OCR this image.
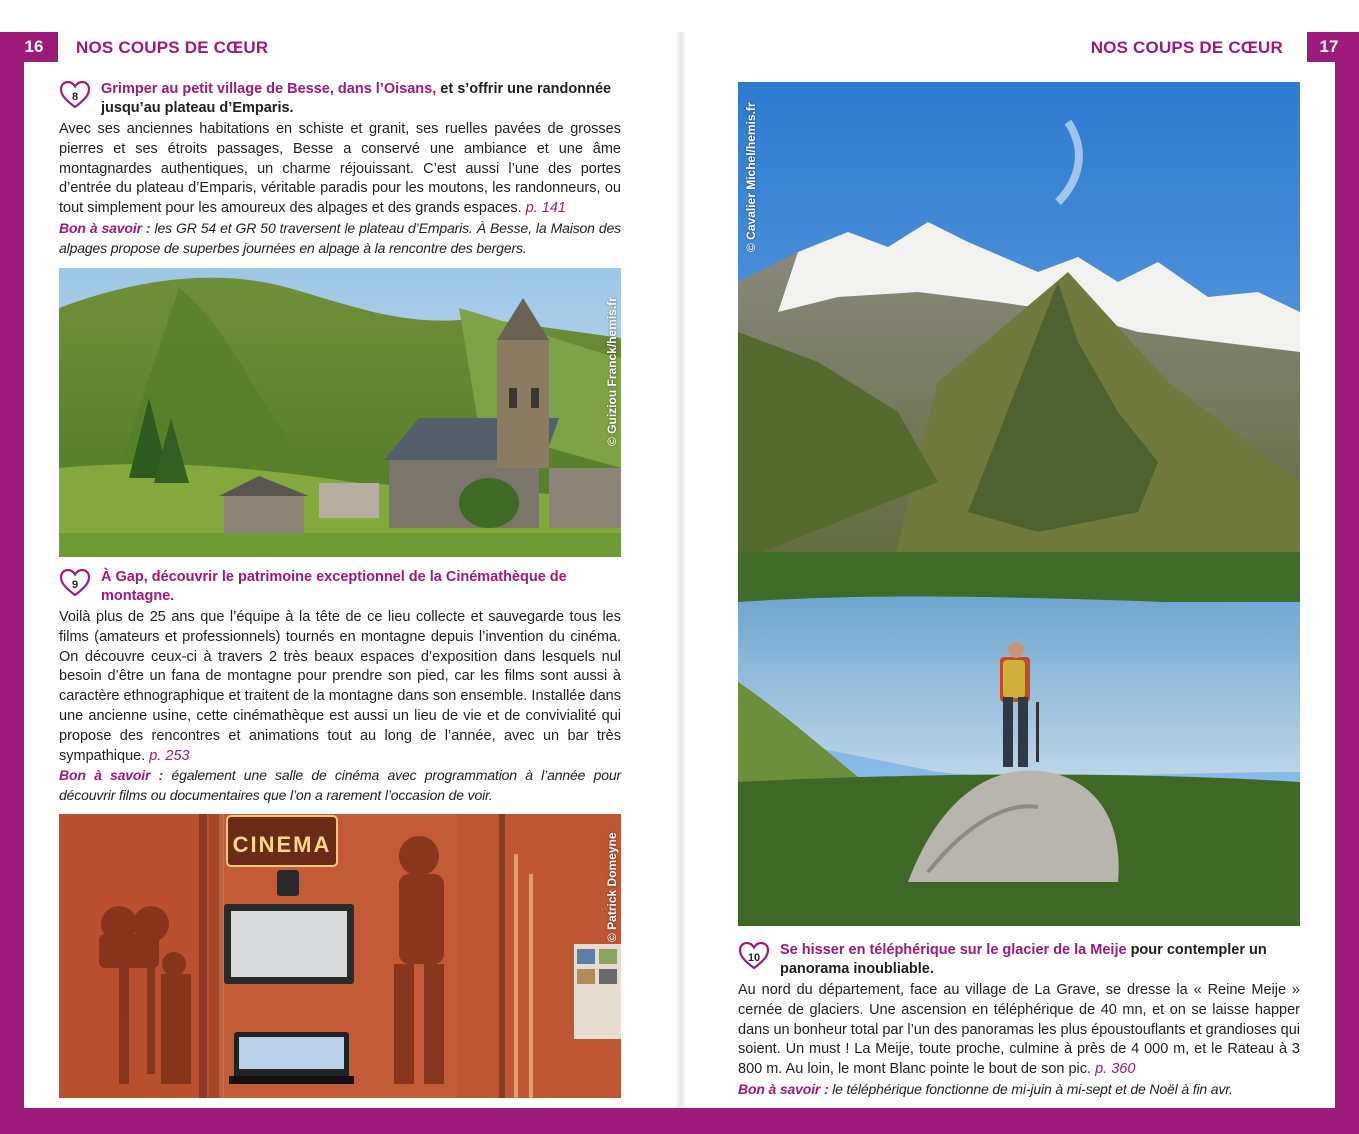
16	17
NOS COUPS DE CŒUR	NOS COUPS DE CŒUR
8	Grimper au petit village de Besse, dans l’Oisans, et s’offrir une randonnée jusqu’au plateau d’Emparis.

Avec ses anciennes habitations en schiste et granit, ses ruelles pavées de grosses pierres et ses étroits passages, Besse a conservé une ambiance et une âme montagnardes authentiques, un charme réjouissant. C’est aussi l’une des portes d’entrée du plateau d’Emparis, véritable paradis pour les moutons, les randonneurs, ou tout simplement pour les amoureux des alpages et des grands espaces. p. 141

Bon à savoir : les GR 54 et GR 50 traversent le plateau d’Emparis. À Besse, la Maison des alpages propose de superbes journées en alpage à la rencontre des bergers.

© Guiziou Franck/hemis.fr
9	À Gap, découvrir le patrimoine exceptionnel de la Cinémathèque de montagne.

Voilà plus de 25 ans que l’équipe à la tête de ce lieu collecte et sauvegarde tous les films (amateurs et professionnels) tournés en montagne depuis l’invention du cinéma. On découvre ceux-ci à travers 2 très beaux espaces d’exposition dans lesquels nul besoin d’être un fana de montagne pour prendre son pied, car les films sont aussi à caractère ethnographique et traitent de la montagne dans son ensemble. Installée dans une ancienne usine, cette cinémathèque est aussi un lieu de vie et de convivialité qui propose des rencontres et animations tout au long de l’année, avec un bar très sympathique. p. 253

Bon à savoir : également une salle de cinéma avec programmation à l’année pour découvrir films ou documentaires que l’on a rarement l’occasion de voir.

CINEMA	© Patrick Domeyne
© Cavalier Michel/hemis.fr
10	Se hisser en téléphérique sur le glacier de la Meije pour contempler un panorama inoubliable.

Au nord du département, face au village de La Grave, se dresse la « Reine Meije » cernée de glaciers. Une ascension en téléphérique de 40 mn, et on se laisse happer dans un bonheur total par l’un des panoramas les plus époustouflants et grandioses qui soient. Un must ! La Meije, toute proche, culmine à près de 4 000 m, et le Rateau à 3 800 m. Au loin, le mont Blanc pointe le bout de son pic. p. 360

Bon à savoir : le téléphérique fonctionne de mi-juin à mi-sept et de Noël à fin avr.
